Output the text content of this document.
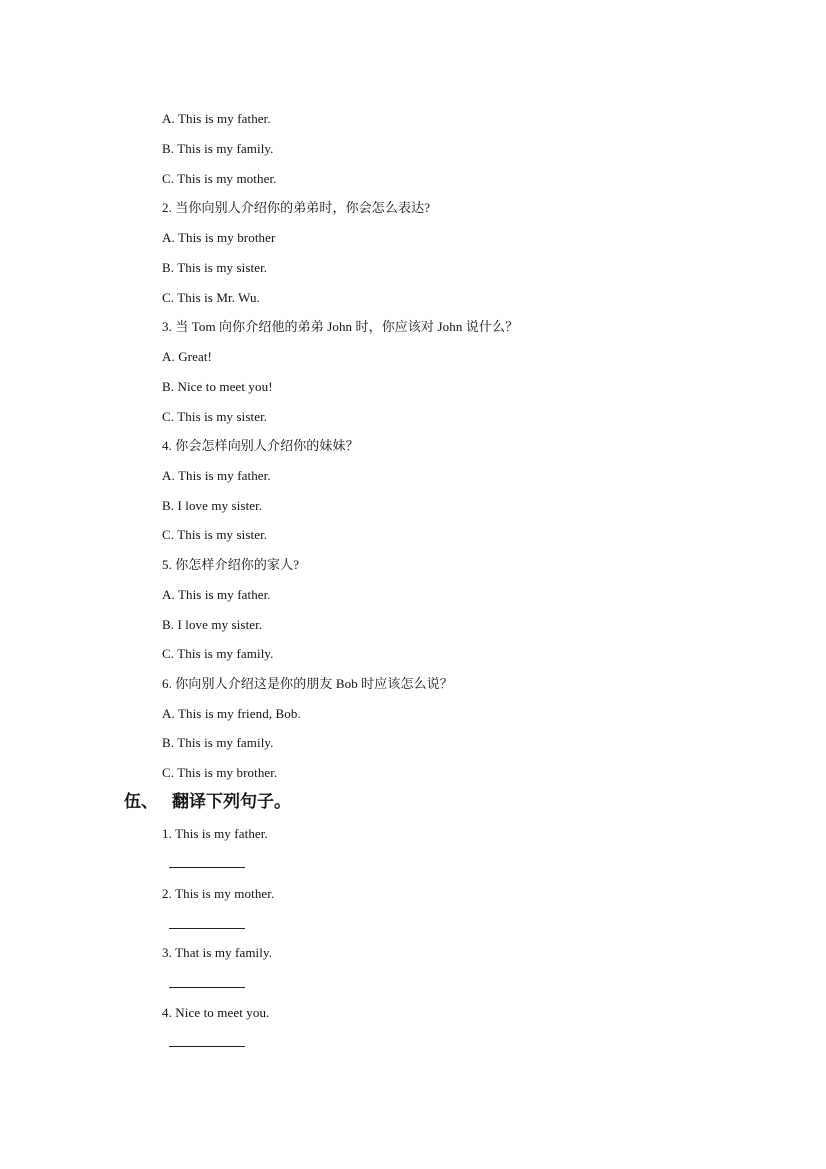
A. This is my father.
B. This is my family.
C. This is my mother.
2. 当你向别人介绍你的弟弟时，你会怎么表达?
A. This is my brother
B. This is my sister.
C. This is Mr. Wu.
3. 当 Tom 向你介绍他的弟弟 John 时，你应该对 John 说什么？
A. Great!
B. Nice to meet you!
C. This is my sister.
4. 你会怎样向别人介绍你的妹妹？
A. This is my father.
B. I love my sister.
C. This is my sister.
5. 你怎样介绍你的家人?
A. This is my father.
B. I love my sister.
C. This is my family.
6. 你向别人介绍这是你的朋友 Bob 时应该怎么说？
A. This is my friend, Bob.
B. This is my family.
C. This is my brother.
伍、 翻译下列句子。
1. This is my father.
2. This is my mother.
3. That is my family.
4. Nice to meet you.
